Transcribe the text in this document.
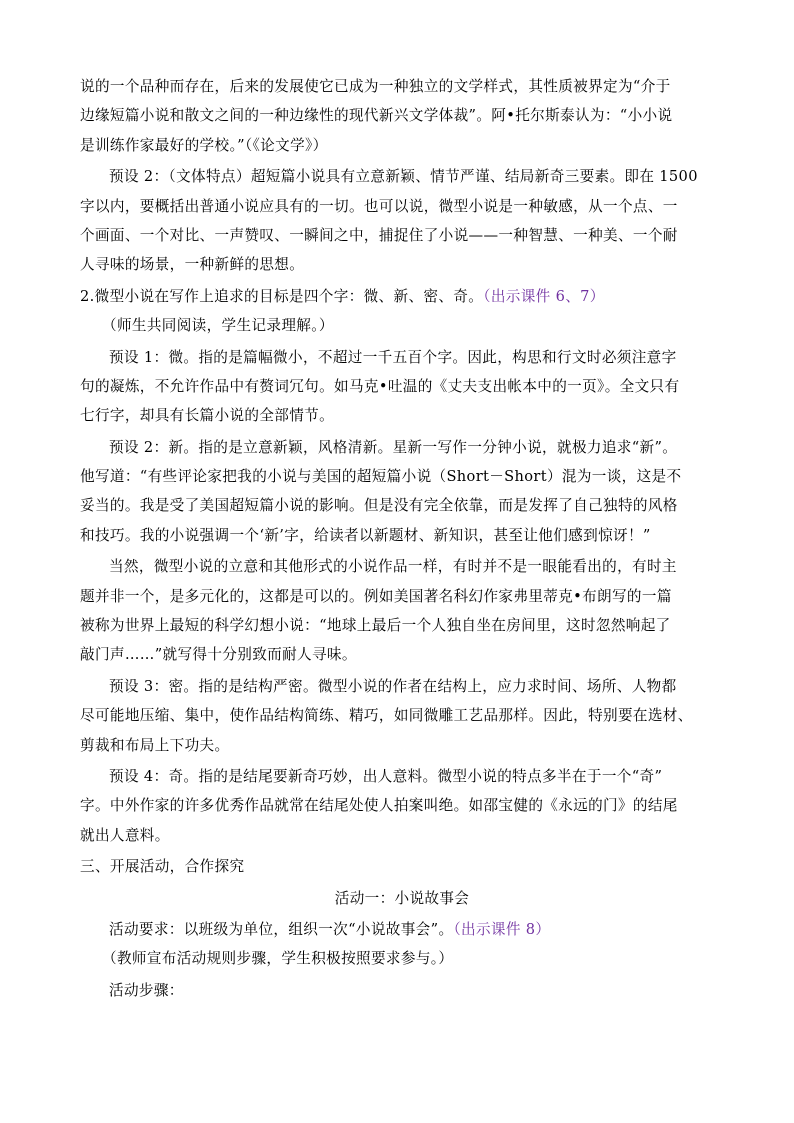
说的一个品种而存在，后来的发展使它已成为一种独立的文学样式，其性质被界定为“介于
边缘短篇小说和散文之间的一种边缘性的现代新兴文学体裁”。阿•托尔斯泰认为：“小小说
是训练作家最好的学校。”（《论文学》）
预设 2：（文体特点）超短篇小说具有立意新颖、情节严谨、结局新奇三要素。即在 1500
字以内，要概括出普通小说应具有的一切。也可以说，微型小说是一种敏感，从一个点、一
个画面、一个对比、一声赞叹、一瞬间之中，捕捉住了小说——一种智慧、一种美、一个耐
人寻味的场景，一种新鲜的思想。
2.微型小说在写作上追求的目标是四个字：微、新、密、奇。（出示课件 6、7）
（师生共同阅读，学生记录理解。）
预设 1：微。指的是篇幅微小，不超过一千五百个字。因此，构思和行文时必须注意字
句的凝炼，不允许作品中有赘词冗句。如马克•吐温的《丈夫支出帐本中的一页》。全文只有
七行字，却具有长篇小说的全部情节。
预设 2：新。指的是立意新颖，风格清新。星新一写作一分钟小说，就极力追求“新”。
他写道：“有些评论家把我的小说与美国的超短篇小说（Short－Short）混为一谈，这是不
妥当的。我是受了美国超短篇小说的影响。但是没有完全依靠，而是发挥了自己独特的风格
和技巧。我的小说强调一个‘新’字，给读者以新题材、新知识，甚至让他们感到惊讶！”
当然，微型小说的立意和其他形式的小说作品一样，有时并不是一眼能看出的，有时主
题并非一个，是多元化的，这都是可以的。例如美国著名科幻作家弗里蒂克•布朗写的一篇
被称为世界上最短的科学幻想小说：“地球上最后一个人独自坐在房间里，这时忽然响起了
敲门声……”就写得十分别致而耐人寻味。
预设 3：密。指的是结构严密。微型小说的作者在结构上，应力求时间、场所、人物都
尽可能地压缩、集中，使作品结构简练、精巧，如同微雕工艺品那样。因此，特别要在选材、
剪裁和布局上下功夫。
预设 4：奇。指的是结尾要新奇巧妙，出人意料。微型小说的特点多半在于一个“奇”
字。中外作家的许多优秀作品就常在结尾处使人拍案叫绝。如邵宝健的《永远的门》的结尾
就出人意料。
三、开展活动，合作探究
活动一：小说故事会
活动要求：以班级为单位，组织一次“小说故事会”。（出示课件 8）
（教师宣布活动规则步骤，学生积极按照要求参与。）
活动步骤：
